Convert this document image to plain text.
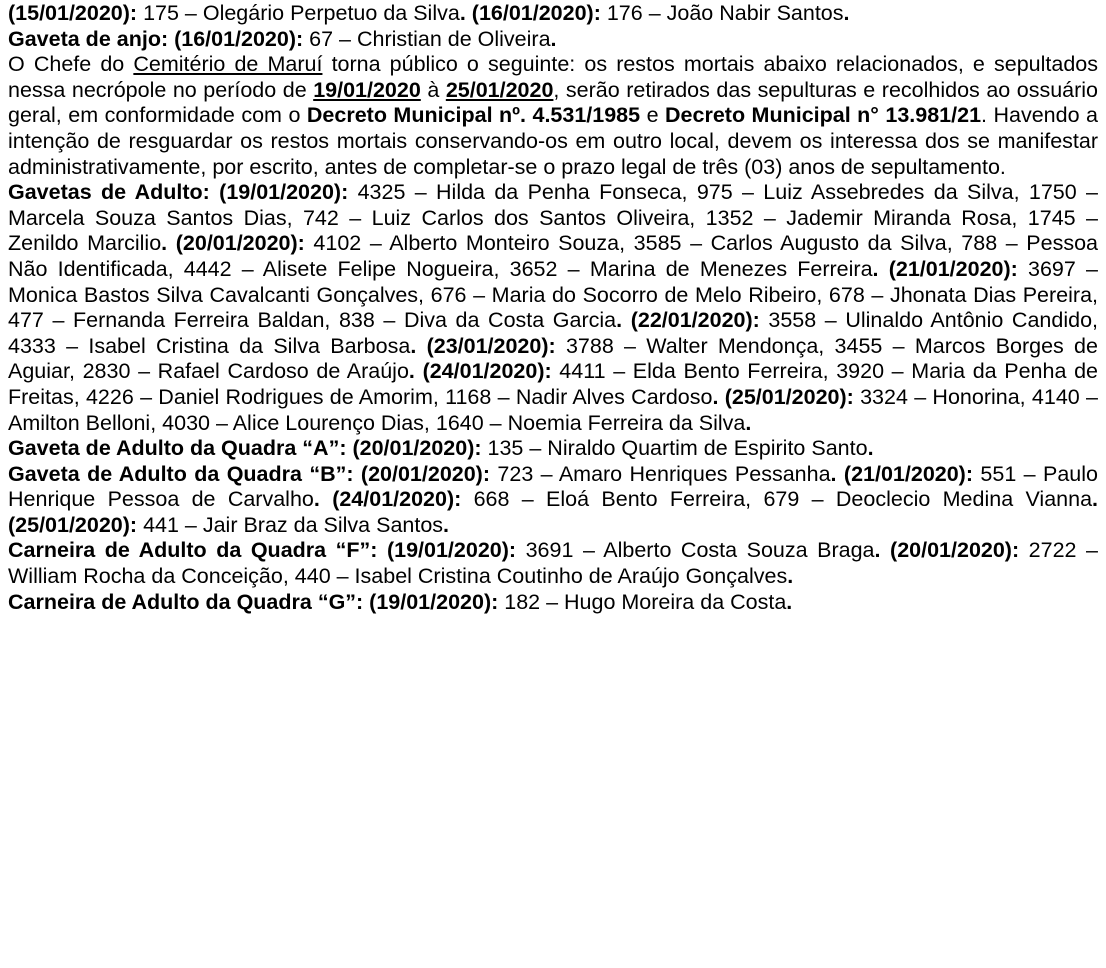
(15/01/2020): 175 – Olegário Perpetuo da Silva. (16/01/2020): 176 – João Nabir Santos.

Gaveta de anjo: (16/01/2020): 67 – Christian de Oliveira.

O Chefe do Cemitério de Maruí torna público o seguinte: os restos mortais abaixo relacionados, e sepultados nessa necrópole no período de 19/01/2020 à 25/01/2020, serão retirados das sepulturas e recolhidos ao ossuário geral, em conformidade com o Decreto Municipal nº. 4.531/1985 e Decreto Municipal n° 13.981/21. Havendo a intenção de resguardar os restos mortais conservando-os em outro local, devem os interessa dos se manifestar administrativamente, por escrito, antes de completar-se o prazo legal de três (03) anos de sepultamento.

Gavetas de Adulto: (19/01/2020): 4325 – Hilda da Penha Fonseca, 975 – Luiz Assebredes da Silva, 1750 – Marcela Souza Santos Dias, 742 – Luiz Carlos dos Santos Oliveira, 1352 – Jademir Miranda Rosa, 1745 – Zenildo Marcilio. (20/01/2020): 4102 – Alberto Monteiro Souza, 3585 – Carlos Augusto da Silva, 788 – Pessoa Não Identificada, 4442 – Alisete Felipe Nogueira, 3652 – Marina de Menezes Ferreira. (21/01/2020): 3697 – Monica Bastos Silva Cavalcanti Gonçalves, 676 – Maria do Socorro de Melo Ribeiro, 678 – Jhonata Dias Pereira, 477 – Fernanda Ferreira Baldan, 838 – Diva da Costa Garcia. (22/01/2020): 3558 – Ulinaldo Antônio Candido, 4333 – Isabel Cristina da Silva Barbosa. (23/01/2020): 3788 – Walter Mendonça, 3455 – Marcos Borges de Aguiar, 2830 – Rafael Cardoso de Araújo. (24/01/2020): 4411 – Elda Bento Ferreira, 3920 – Maria da Penha de Freitas, 4226 – Daniel Rodrigues de Amorim, 1168 – Nadir Alves Cardoso. (25/01/2020): 3324 – Honorina, 4140 – Amilton Belloni, 4030 – Alice Lourenço Dias, 1640 – Noemia Ferreira da Silva.

Gaveta de Adulto da Quadra “A”: (20/01/2020): 135 – Niraldo Quartim de Espirito Santo.

Gaveta de Adulto da Quadra “B”: (20/01/2020): 723 – Amaro Henriques Pessanha. (21/01/2020): 551 – Paulo Henrique Pessoa de Carvalho. (24/01/2020): 668 – Eloá Bento Ferreira, 679 – Deoclecio Medina Vianna. (25/01/2020): 441 – Jair Braz da Silva Santos.

Carneira de Adulto da Quadra “F”: (19/01/2020): 3691 – Alberto Costa Souza Braga. (20/01/2020): 2722 – William Rocha da Conceição, 440 – Isabel Cristina Coutinho de Araújo Gonçalves.

Carneira de Adulto da Quadra “G”: (19/01/2020): 182 – Hugo Moreira da Costa.
